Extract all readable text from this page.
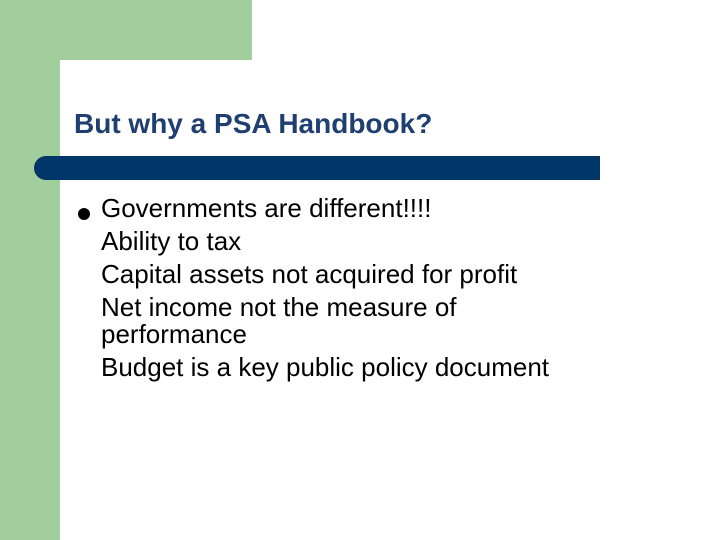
But why a PSA Handbook?
Governments are different!!!!
Ability to tax
Capital assets not acquired for profit
Net income not the measure of
performance
Budget is a key public policy document
